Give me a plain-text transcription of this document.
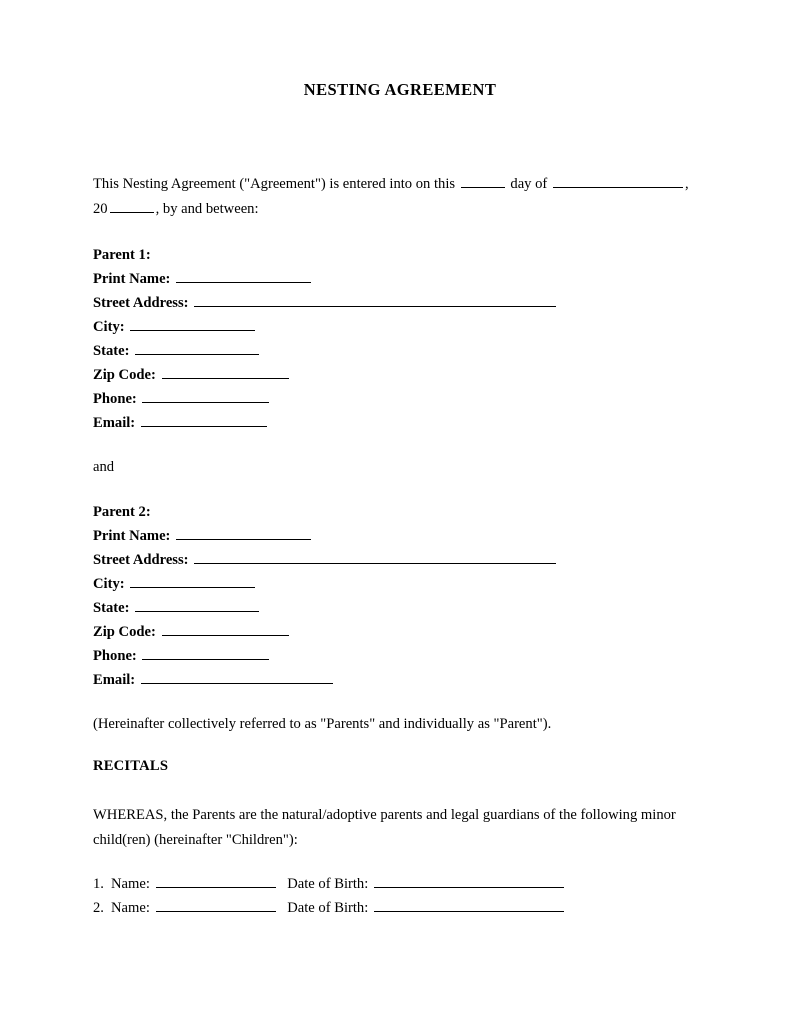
NESTING AGREEMENT
This Nesting Agreement ("Agreement") is entered into on this	day of	,
20	, by and between:
Parent 1:
Print Name:
Street Address:
City:
State:
Zip Code:
Phone:
Email:
and
Parent 2:
Print Name:
Street Address:
City:
State:
Zip Code:
Phone:
Email:
(Hereinafter collectively referred to as "Parents" and individually as "Parent").
RECITALS
WHEREAS, the Parents are the natural/adoptive parents and legal guardians of the following minor child(ren) (hereinafter "Children"):
1. Name:	Date of Birth:
2. Name:	Date of Birth:
